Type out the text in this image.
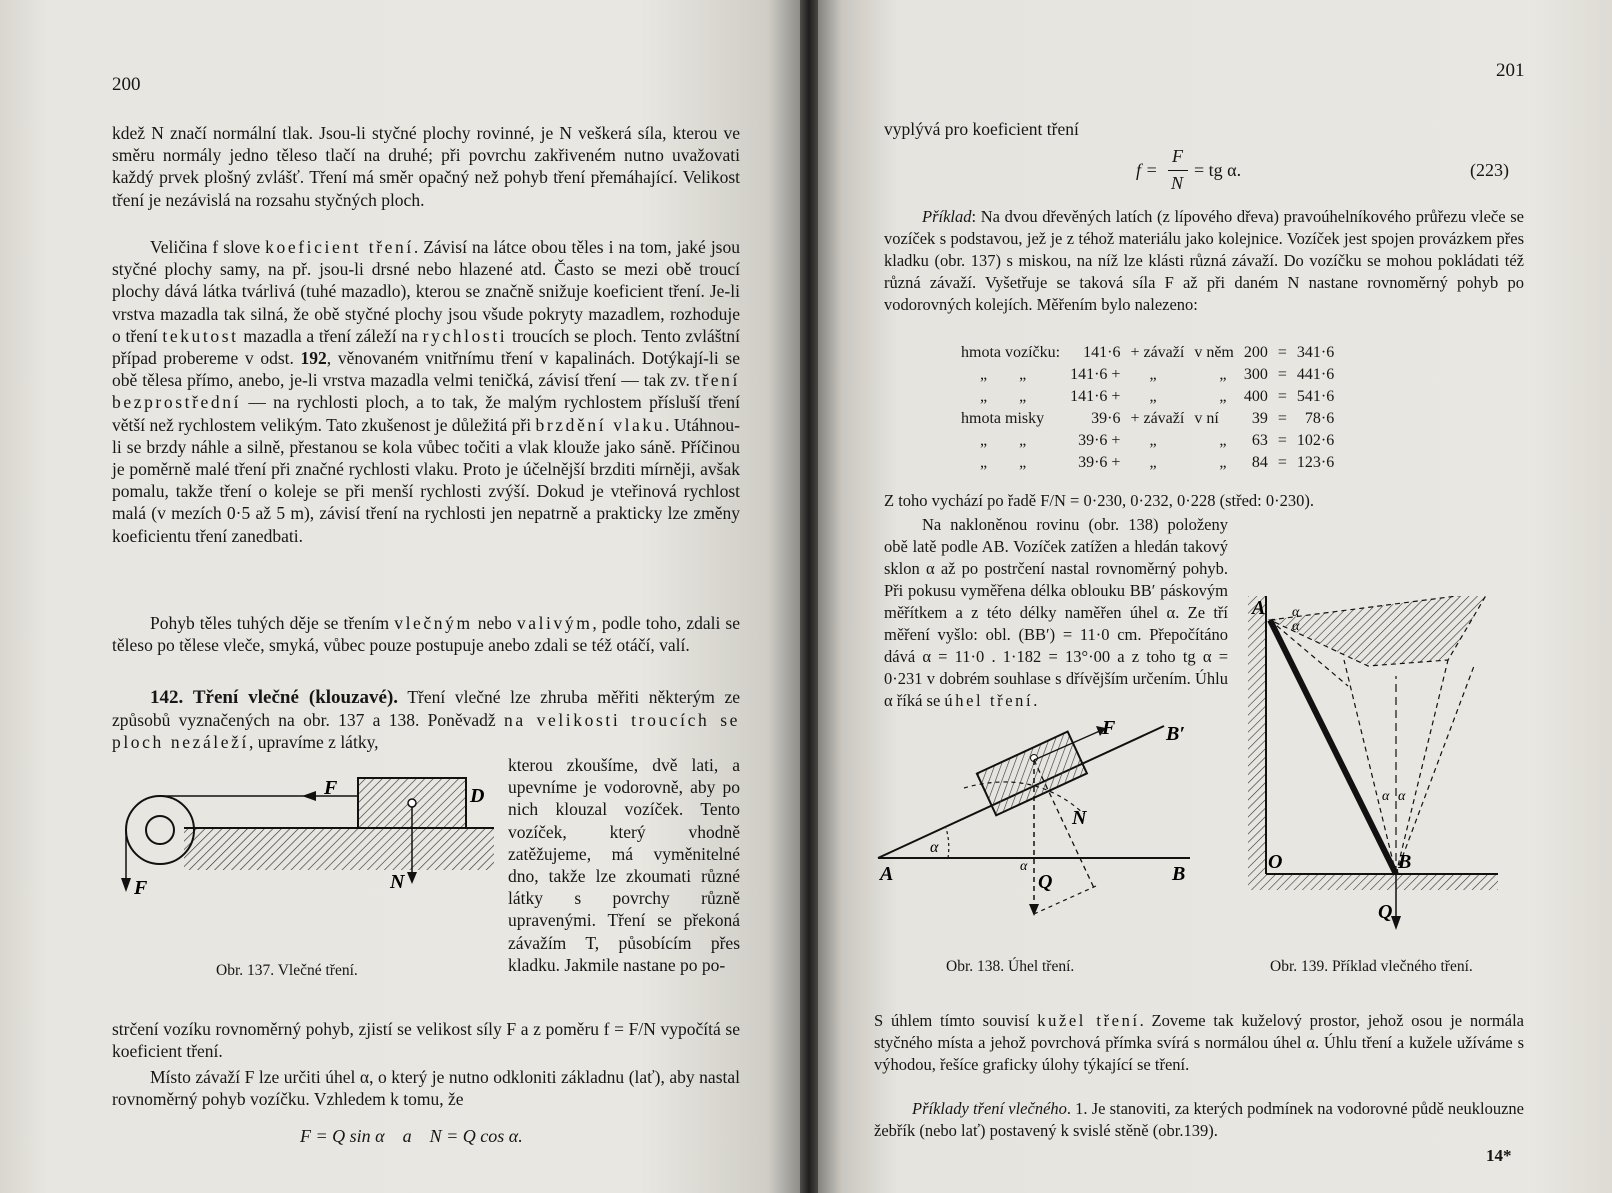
200

kdež N značí normální tlak. Jsou-li styčné plochy rovinné, je N veškerá síla, kterou ve směru normály jedno těleso tlačí na druhé; při povrchu zakřiveném nutno uvažovati každý prvek plošný zvlášť. Tření má směr opačný než pohyb tření přemáhající. Velikost tření je nezávislá na rozsahu styčných ploch.

Veličina f slove koeficient tření. Závisí na látce obou těles i na tom, jaké jsou styčné plochy samy, na př. jsou-li drsné nebo hlazené atd. Často se mezi obě troucí plochy dává látka tvárlivá (tuhé mazadlo), kterou se značně snižuje koeficient tření. Je-li vrstva mazadla tak silná, že obě styčné plochy jsou všude pokryty mazadlem, rozhoduje o tření tekutost mazadla a tření záleží na rychlosti troucích se ploch. Tento zvláštní případ probereme v odst. 192, věnovaném vnitřnímu tření v kapalinách. Dotýkají-li se obě tělesa přímo, anebo, je-li vrstva mazadla velmi teničká, závisí tření — tak zv. tření bezprostřední — na rychlosti ploch, a to tak, že malým rychlostem přísluší tření větší než rychlostem velikým. Tato zkušenost je důležitá při brzdění vlaku. Utáhnou-li se brzdy náhle a silně, přestanou se kola vůbec točiti a vlak klouže jako sáně. Příčinou je poměrně malé tření při značné rychlosti vlaku. Proto je účelnější brzditi mírněji, avšak pomalu, takže tření o koleje se při menší rychlosti zvýší. Dokud je vteřinová rychlost malá (v mezích 0·5 až 5 m), závisí tření na rychlosti jen nepatrně a prakticky lze změny koeficientu tření zanedbati.

Pohyb těles tuhých děje se třením vlečným nebo valivým, podle toho, zdali se těleso po tělese vleče, smyká, vůbec pouze postupuje anebo zdali se též otáčí, valí.

142. Tření vlečné (klouzavé). Tření vlečné lze zhruba měřiti některým ze způsobů vyznačených na obr. 137 a 138. Poněvadž na velikosti troucích se ploch nezáleží, upravíme z látky,

kterou zkoušíme, dvě lati, a upevníme je vodorovně, aby po nich klouzal vozíček. Tento vozíček, který vhodně zatěžujeme, má vyměnitelné dno, takže lze zkoumati různé látky s povrchy různě upravenými. Tření se překoná závažím T, působícím přes kladku. Jakmile nastane po po-

F	D
F	N
Obr. 137. Vlečné tření.

strčení vozíku rovnoměrný pohyb, zjistí se velikost síly F a z poměru f = F/N vypočítá se koeficient tření.

Místo závaží F lze určiti úhel α, o který je nutno odkloniti základnu (lať), aby nastal rovnoměrný pohyb vozíčku. Vzhledem k tomu, že

F = Q sin α    a    N = Q cos α.
201
vyplývá pro koeficient tření
f =
F
N
= tg α.	(223)

Příklad: Na dvou dřevěných latích (z lípového dřeva) pravoúhelníkového průřezu vleče se vozíček s podstavou, jež je z téhož materiálu jako kolejnice. Vozíček jest spojen provázkem přes kladku (obr. 137) s miskou, na níž lze klásti různá závaží. Do vozíčku se mohou pokládati též různá závaží. Vyšetřuje se taková síla F až při daném N nastane rovnoměrný pohyb po vodorovných kolejích. Měřením bylo nalezeno:

hmota vozíčku:	141·6	+ závaží	v něm	200	=	341·6
„ „	141·6 +	„	„	300	=	441·6
„ „	141·6 +	„	„	400	=	541·6
hmota misky	39·6	+ závaží	v ní	39	=	78·6
„ „	39·6 +	„	„	63	=	102·6
„ „	39·6 +	„	„	84	=	123·6
Z toho vychází po řadě F/N = 0·230, 0·232, 0·228 (střed: 0·230).

Na nakloněnou rovinu (obr. 138) položeny obě latě podle AB. Vozíček zatížen a hledán takový sklon α až po postrčení nastal rovnoměrný pohyb. Při pokusu vyměřena délka oblouku BB′ páskovým měřítkem a z této délky naměřen úhel α. Ze tří měření vyšlo: obl. (BB′) = 11·0 cm. Přepočítáno dává α = 11·0 . 1·182 = 13°·00 a z toho tg α = 0·231 v dobrém souhlase s dřívějším určením. Úhlu α říká se úhel tření.

A	B
B′
F
N
Q
α
α
Obr. 138. Úhel tření.
A
O	B
Q
α
α
α α
Obr. 139. Příklad vlečného tření.

S úhlem tímto souvisí kužel tření. Zoveme tak kuželový prostor, jehož osou je normála styčného místa a jehož povrchová přímka svírá s normálou úhel α. Úhlu tření a kužele užíváme s výhodou, řešíce graficky úlohy týkající se tření.

Příklady tření vlečného. 1. Je stanoviti, za kterých podmínek na vodorovné půdě neuklouzne žebřík (nebo lať) postavený k svislé stěně (obr.139).

14*
